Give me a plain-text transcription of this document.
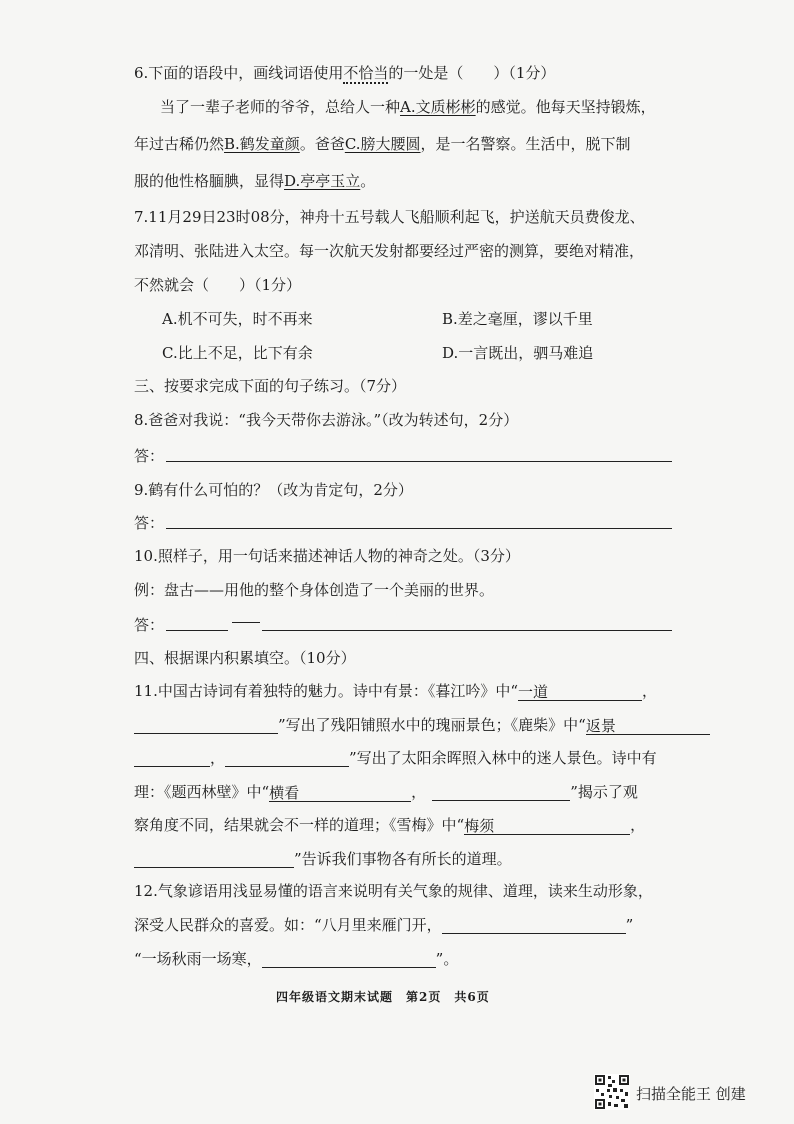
6.下面的语段中，画线词语使用不恰当的一处是（　　）（1分）
当了一辈子老师的爷爷，总给人一种A.文质彬彬的感觉。他每天坚持锻炼，
年过古稀仍然B.鹤发童颜。爸爸C.膀大腰圆，是一名警察。生活中，脱下制
服的他性格腼腆，显得D.亭亭玉立。
7.11月29日23时08分，神舟十五号载人飞船顺利起飞，护送航天员费俊龙、
邓清明、张陆进入太空。每一次航天发射都要经过严密的测算，要绝对精准，
不然就会（　　）（1分）
A.机不可失，时不再来	B.差之毫厘，谬以千里
C.比上不足，比下有余	D.一言既出，驷马难追
三、按要求完成下面的句子练习。（7分）
8.爸爸对我说：“我今天带你去游泳。”（改为转述句，2分）
答：
9.鹤有什么可怕的？（改为肯定句，2分）
答：
10.照样子，用一句话来描述神话人物的神奇之处。（3分）
例：盘古——用他的整个身体创造了一个美丽的世界。
答：
四、根据课内积累填空。（10分）
11.中国古诗词有着独特的魅力。诗中有景：《暮江吟》中“一道	，
”写出了残阳铺照水中的瑰丽景色；《鹿柴》中“返景
，	”写出了太阳余晖照入林中的迷人景色。诗中有
理：《题西林壁》中“横看	，	”揭示了观
察角度不同，结果就会不一样的道理；《雪梅》中“梅须	，
”告诉我们事物各有所长的道理。
12.气象谚语用浅显易懂的语言来说明有关气象的规律、道理，读来生动形象，
深受人民群众的喜爱。如：“八月里来雁门开，	”
“一场秋雨一场寒，	”。
四年级语文期末试题　第2页　共6页
扫描全能王 创建
